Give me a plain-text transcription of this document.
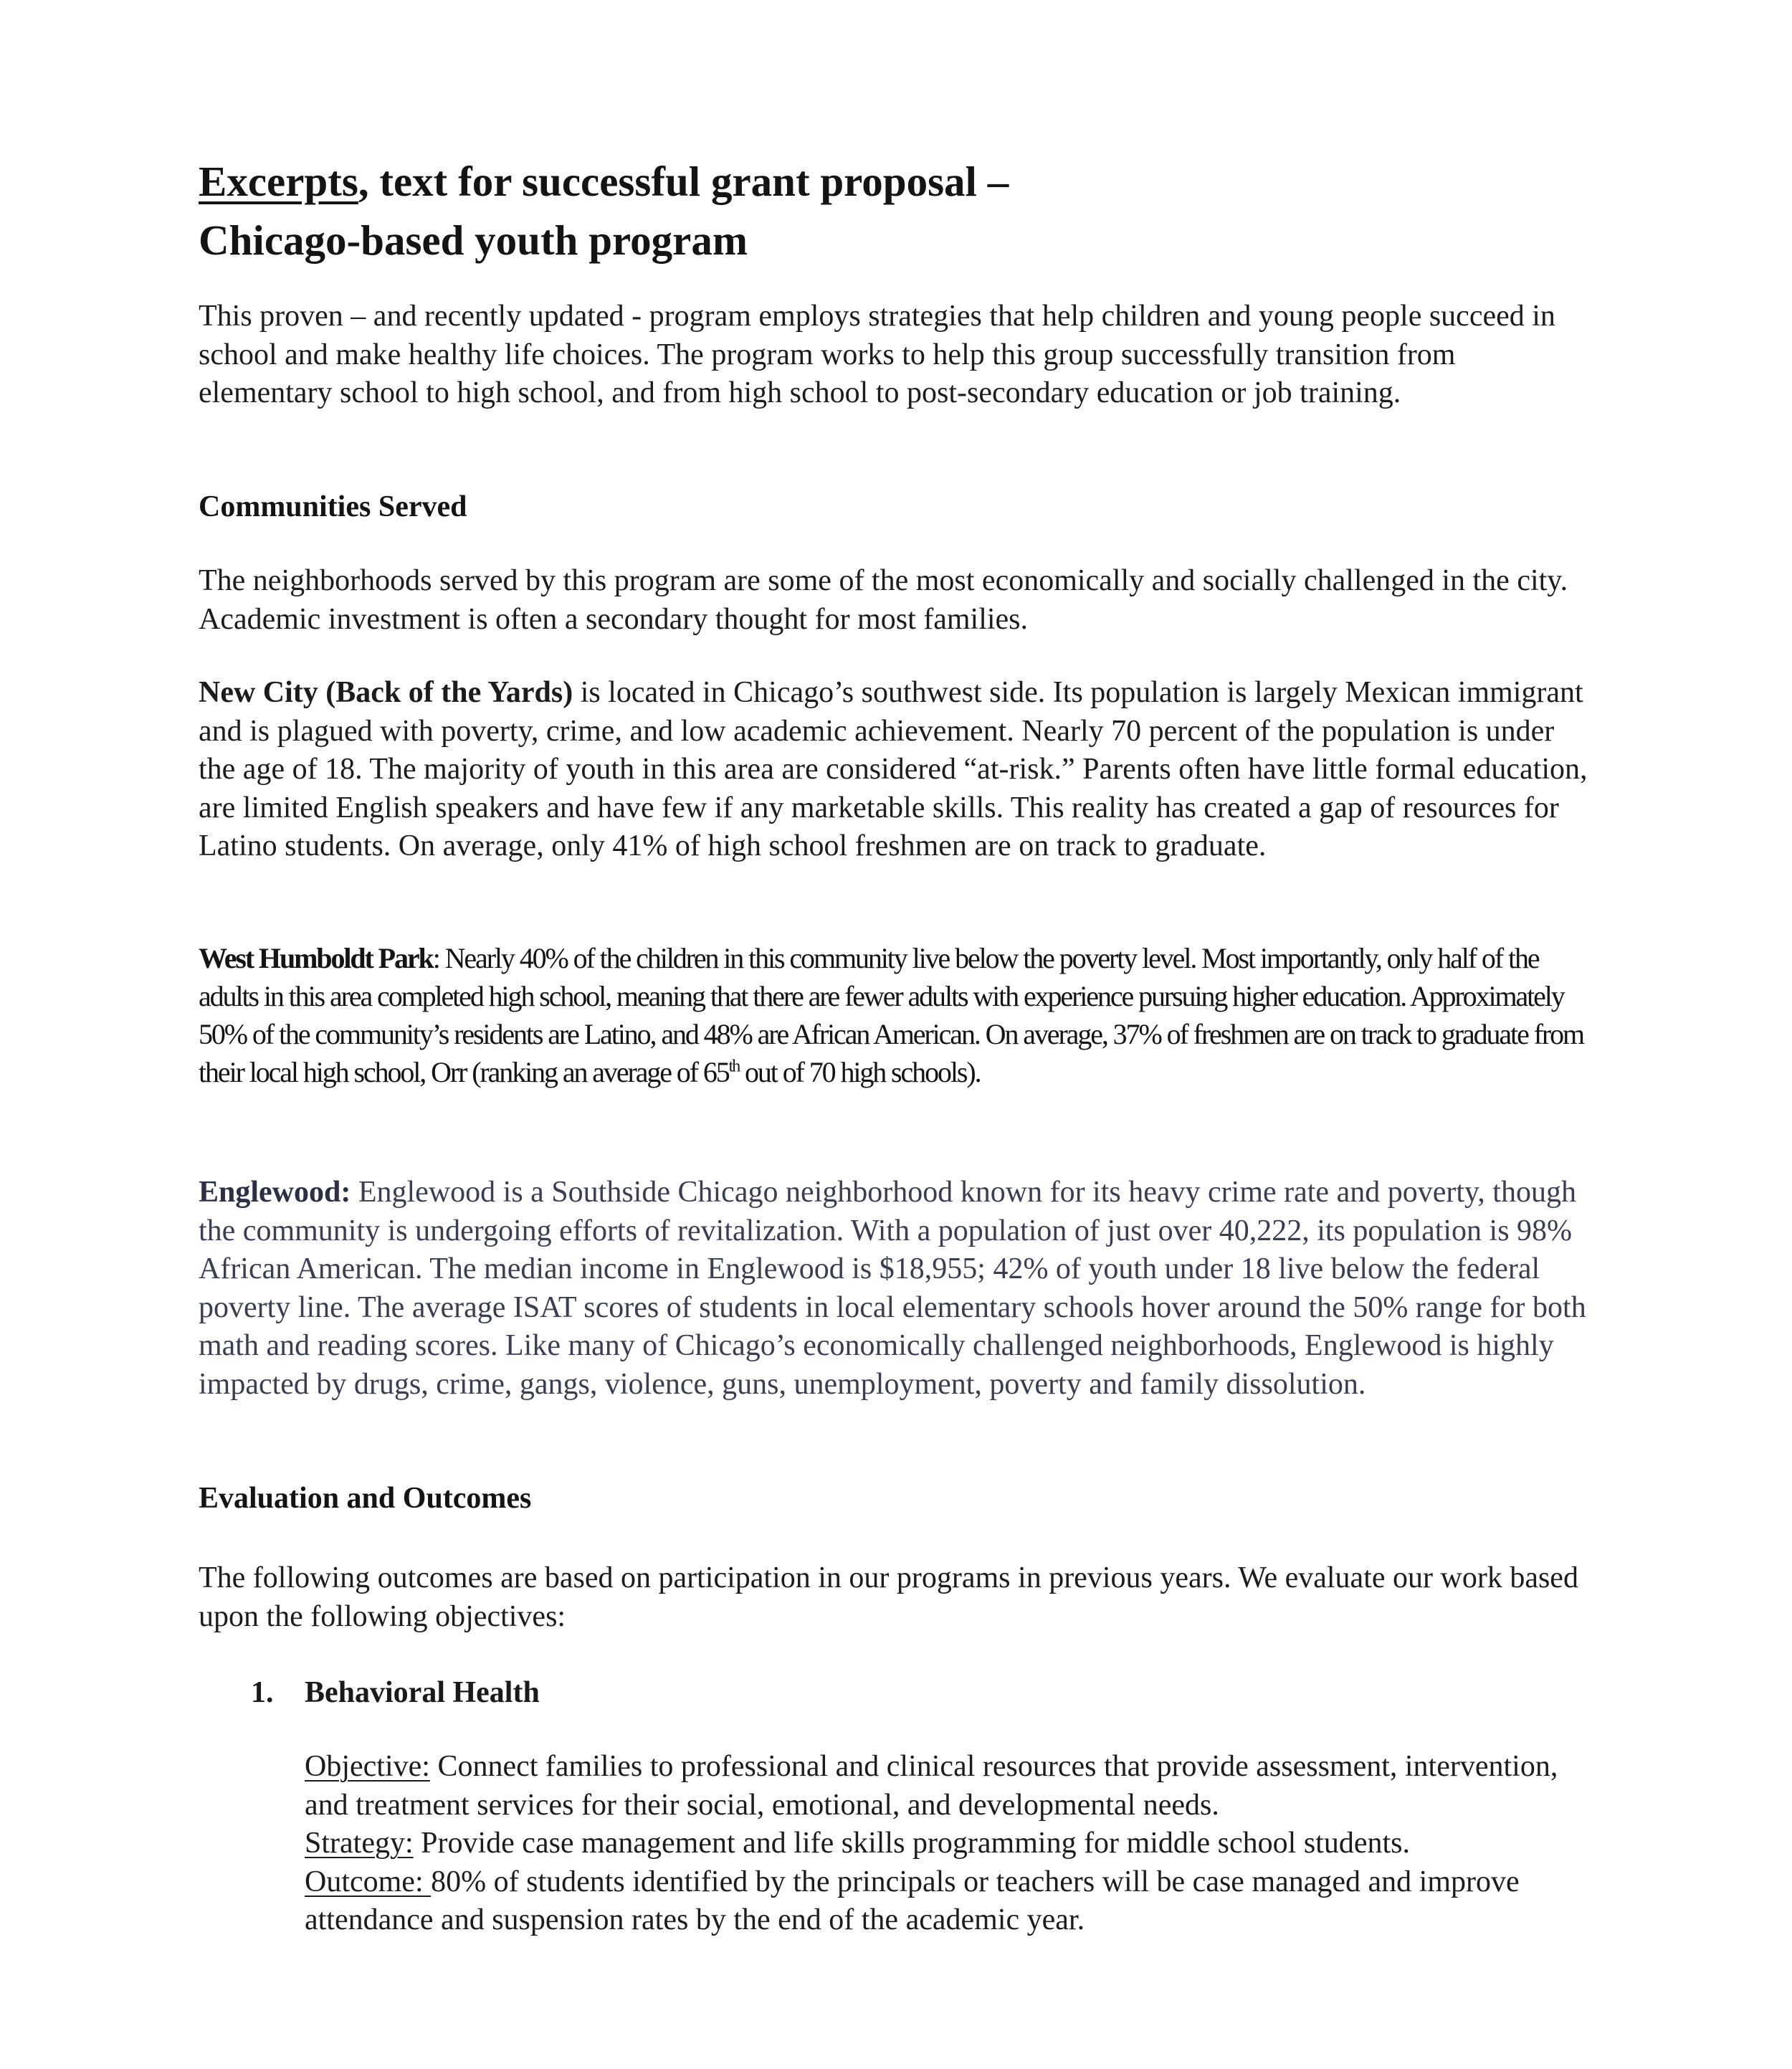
Excerpts, text for successful grant proposal –
Chicago-based youth program
This proven – and recently updated - program employs strategies that help children and young people succeed in school and make healthy life choices. The program works to help this group successfully transition from elementary school to high school, and from high school to post-secondary education or job training.
Communities Served
The neighborhoods served by this program are some of the most economically and socially challenged in the city. Academic investment is often a secondary thought for most families.
New City (Back of the Yards) is located in Chicago’s southwest side. Its population is largely Mexican immigrant and is plagued with poverty, crime, and low academic achievement. Nearly 70 percent of the population is under the age of 18. The majority of youth in this area are considered “at-risk.” Parents often have little formal education, are limited English speakers and have few if any marketable skills. This reality has created a gap of resources for Latino students. On average, only 41% of high school freshmen are on track to graduate.
West Humboldt Park: Nearly 40% of the children in this community live below the poverty level. Most importantly, only half of the adults in this area completed high school, meaning that there are fewer adults with experience pursuing higher education. Approximately 50% of the community’s residents are Latino, and 48% are African American. On average, 37% of freshmen are on track to graduate from their local high school, Orr (ranking an average of 65th out of 70 high schools).
Englewood: Englewood is a Southside Chicago neighborhood known for its heavy crime rate and poverty, though the community is undergoing efforts of revitalization. With a population of just over 40,222, its population is 98% African American. The median income in Englewood is $18,955; 42% of youth under 18 live below the federal poverty line. The average ISAT scores of students in local elementary schools hover around the 50% range for both math and reading scores. Like many of Chicago’s economically challenged neighborhoods, Englewood is highly impacted by drugs, crime, gangs, violence, guns, unemployment, poverty and family dissolution.
Evaluation and Outcomes
The following outcomes are based on participation in our programs in previous years. We evaluate our work based upon the following objectives:
1. Behavioral Health
Objective: Connect families to professional and clinical resources that provide assessment, intervention, and treatment services for their social, emotional, and developmental needs.
Strategy: Provide case management and life skills programming for middle school students.
Outcome: 80% of students identified by the principals or teachers will be case managed and improve attendance and suspension rates by the end of the academic year.
